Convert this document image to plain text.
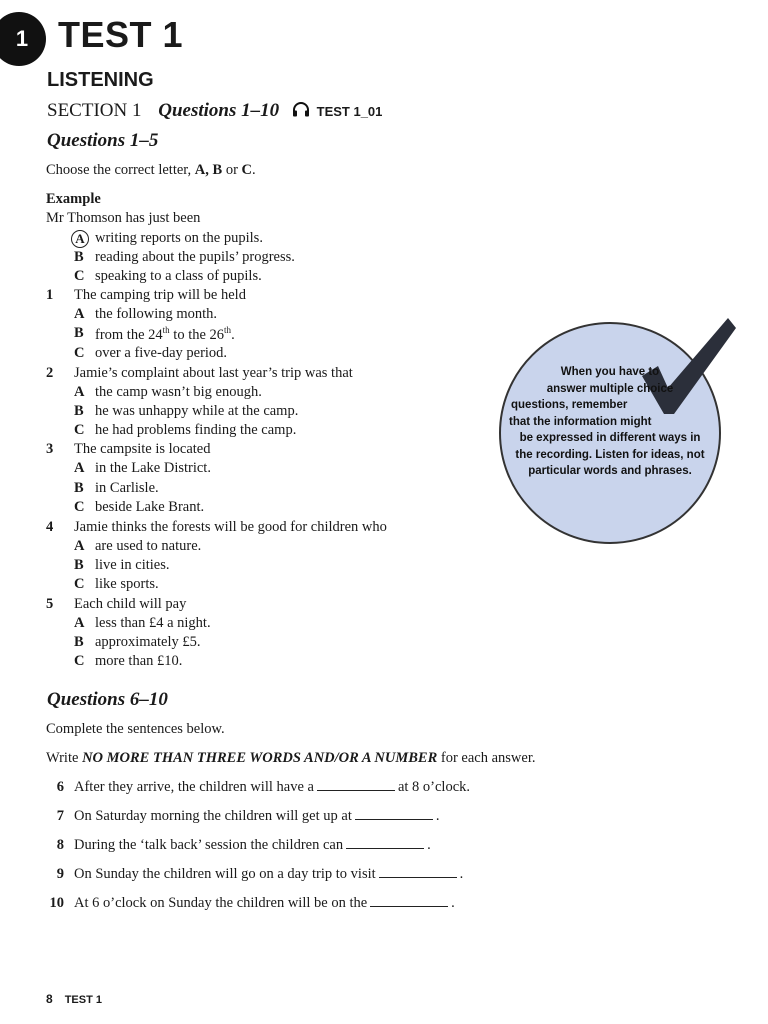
1 TEST 1
LISTENING
SECTION 1 Questions 1–10	TEST 1_01
Questions 1–5
Choose the correct letter, A, B or C.
Example
Mr Thomson has just been
A writing reports on the pupils.
B reading about the pupils’ progress.
C speaking to a class of pupils.
1 The camping trip will be held
A the following month.
B from the 24th to the 26th.
C over a five-day period.
2 Jamie’s complaint about last year’s trip was that
A the camp wasn’t big enough.
B he was unhappy while at the camp.
C he had problems finding the camp.
3 The campsite is located
A in the Lake District.
B in Carlisle.
C beside Lake Brant.
4 Jamie thinks the forests will be good for children who
A are used to nature.
B live in cities.
C like sports.
5 Each child will pay
A less than £4 a night.
B approximately £5.
C more than £10.
When you have to
answer multiple choice
questions, remember
that the information might
be expressed in different ways in
the recording. Listen for ideas, not
particular words and phrases.
Questions 6–10
Complete the sentences below.
Write NO MORE THAN THREE WORDS AND/OR A NUMBER for each answer.
6 After they arrive, the children will have a	at 8 o’clock.
7 On Saturday morning the children will get up at	.
8 During the ‘talk back’ session the children can	.
9 On Sunday the children will go on a day trip to visit	.
10 At 6 o’clock on Sunday the children will be on the	.
8 TEST 1
